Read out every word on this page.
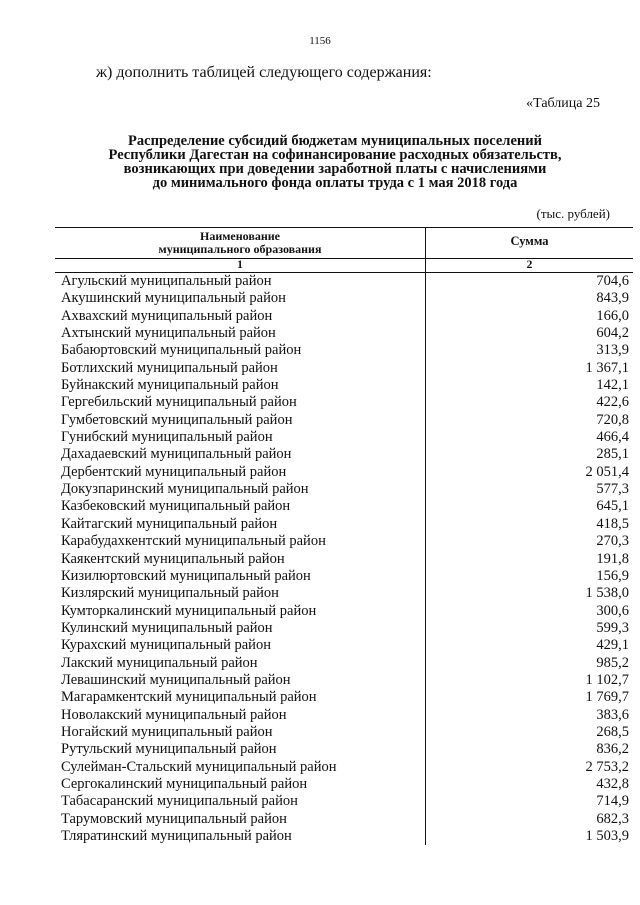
1156
ж) дополнить таблицей следующего содержания:
«Таблица 25
Распределение субсидий бюджетам муниципальных поселений
Республики Дагестан на софинансирование расходных обязательств,
возникающих при доведении заработной платы с начислениями
до минимального фонда оплаты труда с 1 мая 2018 года
(тыс. рублей)
Наименование
муниципального образования
Сумма
1	2
Агульский муниципальный район	704,6
Акушинский муниципальный район	843,9
Ахвахский муниципальный район	166,0
Ахтынский муниципальный район	604,2
Бабаюртовский муниципальный район	313,9
Ботлихский муниципальный район	1 367,1
Буйнакский муниципальный район	142,1
Гергебильский муниципальный район	422,6
Гумбетовский муниципальный район	720,8
Гунибский муниципальный район	466,4
Дахадаевский муниципальный район	285,1
Дербентский муниципальный район	2 051,4
Докузпаринский муниципальный район	577,3
Казбековский муниципальный район	645,1
Кайтагский муниципальный район	418,5
Карабудахкентский муниципальный район	270,3
Каякентский муниципальный район	191,8
Кизилюртовский муниципальный район	156,9
Кизлярский муниципальный район	1 538,0
Кумторкалинский муниципальный район	300,6
Кулинский муниципальный район	599,3
Курахский муниципальный район	429,1
Лакский муниципальный район	985,2
Левашинский муниципальный район	1 102,7
Магарамкентский муниципальный район	1 769,7
Новолакский муниципальный район	383,6
Ногайский муниципальный район	268,5
Рутульский муниципальный район	836,2
Сулейман-Стальский муниципальный район	2 753,2
Сергокалинский муниципальный район	432,8
Табасаранский муниципальный район	714,9
Тарумовский муниципальный район	682,3
Тляратинский муниципальный район	1 503,9
